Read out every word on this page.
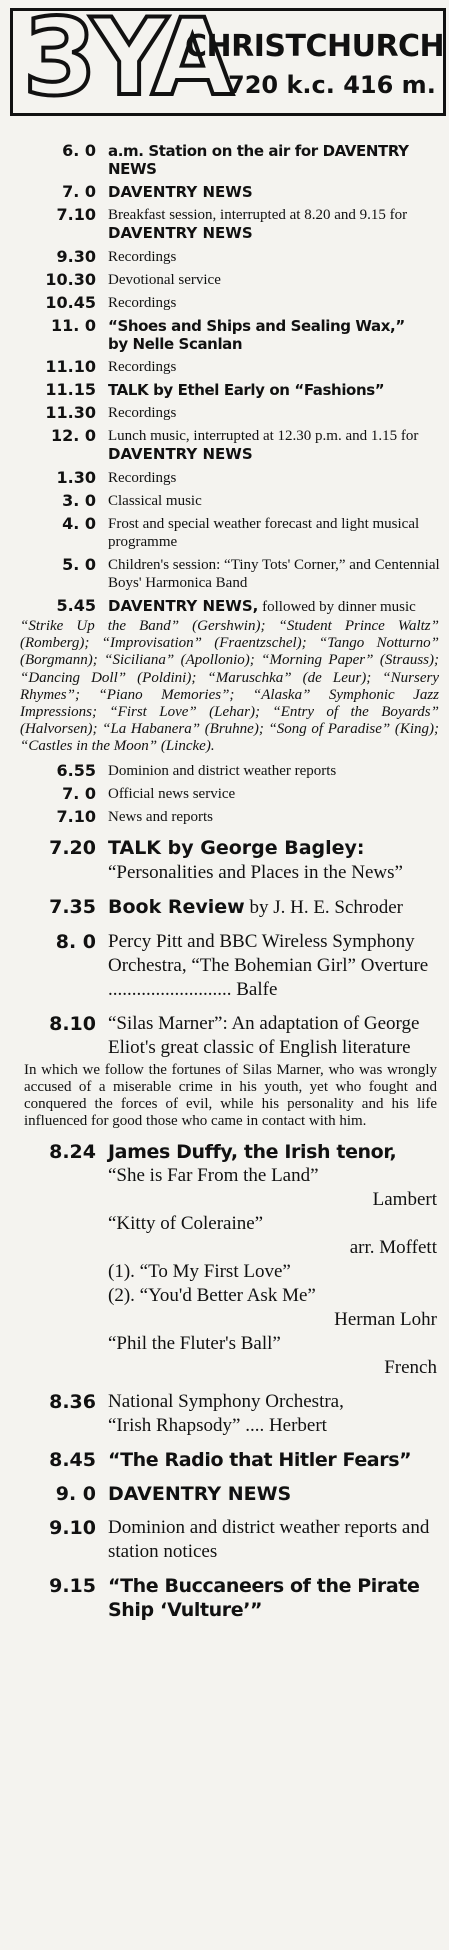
3YA
CHRISTCHURCH
720 k.c. 416 m.
6. 0 a.m. Station on the air for DAVENTRY NEWS
7. 0 DAVENTRY NEWS
7.10 Breakfast session, interrupted at 8.20 and 9.15 for DAVENTRY NEWS
9.30 Recordings
10.30 Devotional service
10.45 Recordings
11. 0 “Shoes and Ships and Sealing Wax,”
by Nelle Scanlan
11.10 Recordings
11.15 TALK by Ethel Early on “Fashions”
11.30 Recordings
12. 0 Lunch music, interrupted at 12.30 p.m. and 1.15 for DAVENTRY NEWS
1.30 Recordings
3. 0 Classical music
4. 0 Frost and special weather forecast and light musical programme
5. 0 Children's session: “Tiny Tots' Corner,” and Centennial Boys' Harmonica Band
5.45 DAVENTRY NEWS, followed by dinner music
“Strike Up the Band” (Gershwin); “Student Prince Waltz” (Romberg); “Improvisation” (Fraentzschel); “Tango Notturno” (Borgmann); “Siciliana” (Apollonio); “Morning Paper” (Strauss); “Dancing Doll” (Poldini); “Maruschka” (de Leur); “Nursery Rhymes”; “Piano Memories”; “Alaska” Symphonic Jazz Impressions; “First Love” (Lehar); “Entry of the Boyards” (Halvorsen); “La Habanera” (Bruhne); “Song of Paradise” (King); “Castles in the Moon” (Lincke).
6.55 Dominion and district weather reports
7. 0 Official news service
7.10 News and reports
7.20 TALK by George Bagley: “Personalities and Places in the News”
7.35 Book Review by J. H. E. Schroder
8. 0 Percy Pitt and BBC Wireless Symphony Orchestra, “The Bohemian Girl” Overture .......................... Balfe
8.10 “Silas Marner”: An adaptation of George Eliot's great classic of English literature
In which we follow the fortunes of Silas Marner, who was wrongly accused of a miserable crime in his youth, yet who fought and conquered the forces of evil, while his personality and his life influenced for good those who came in contact with him.
8.24 James Duffy, the Irish tenor,
“She is Far From the Land”
Lambert
“Kitty of Coleraine”
arr. Moffett
(1). “To My First Love”
(2). “You'd Better Ask Me”
Herman Lohr
“Phil the Fluter's Ball”
French
8.36 National Symphony Orchestra,
“Irish Rhapsody” .... Herbert
8.45 “The Radio that Hitler Fears”
9. 0 DAVENTRY NEWS
9.10 Dominion and district weather reports and station notices
9.15 “The Buccaneers of the Pirate Ship ‘Vulture’”
